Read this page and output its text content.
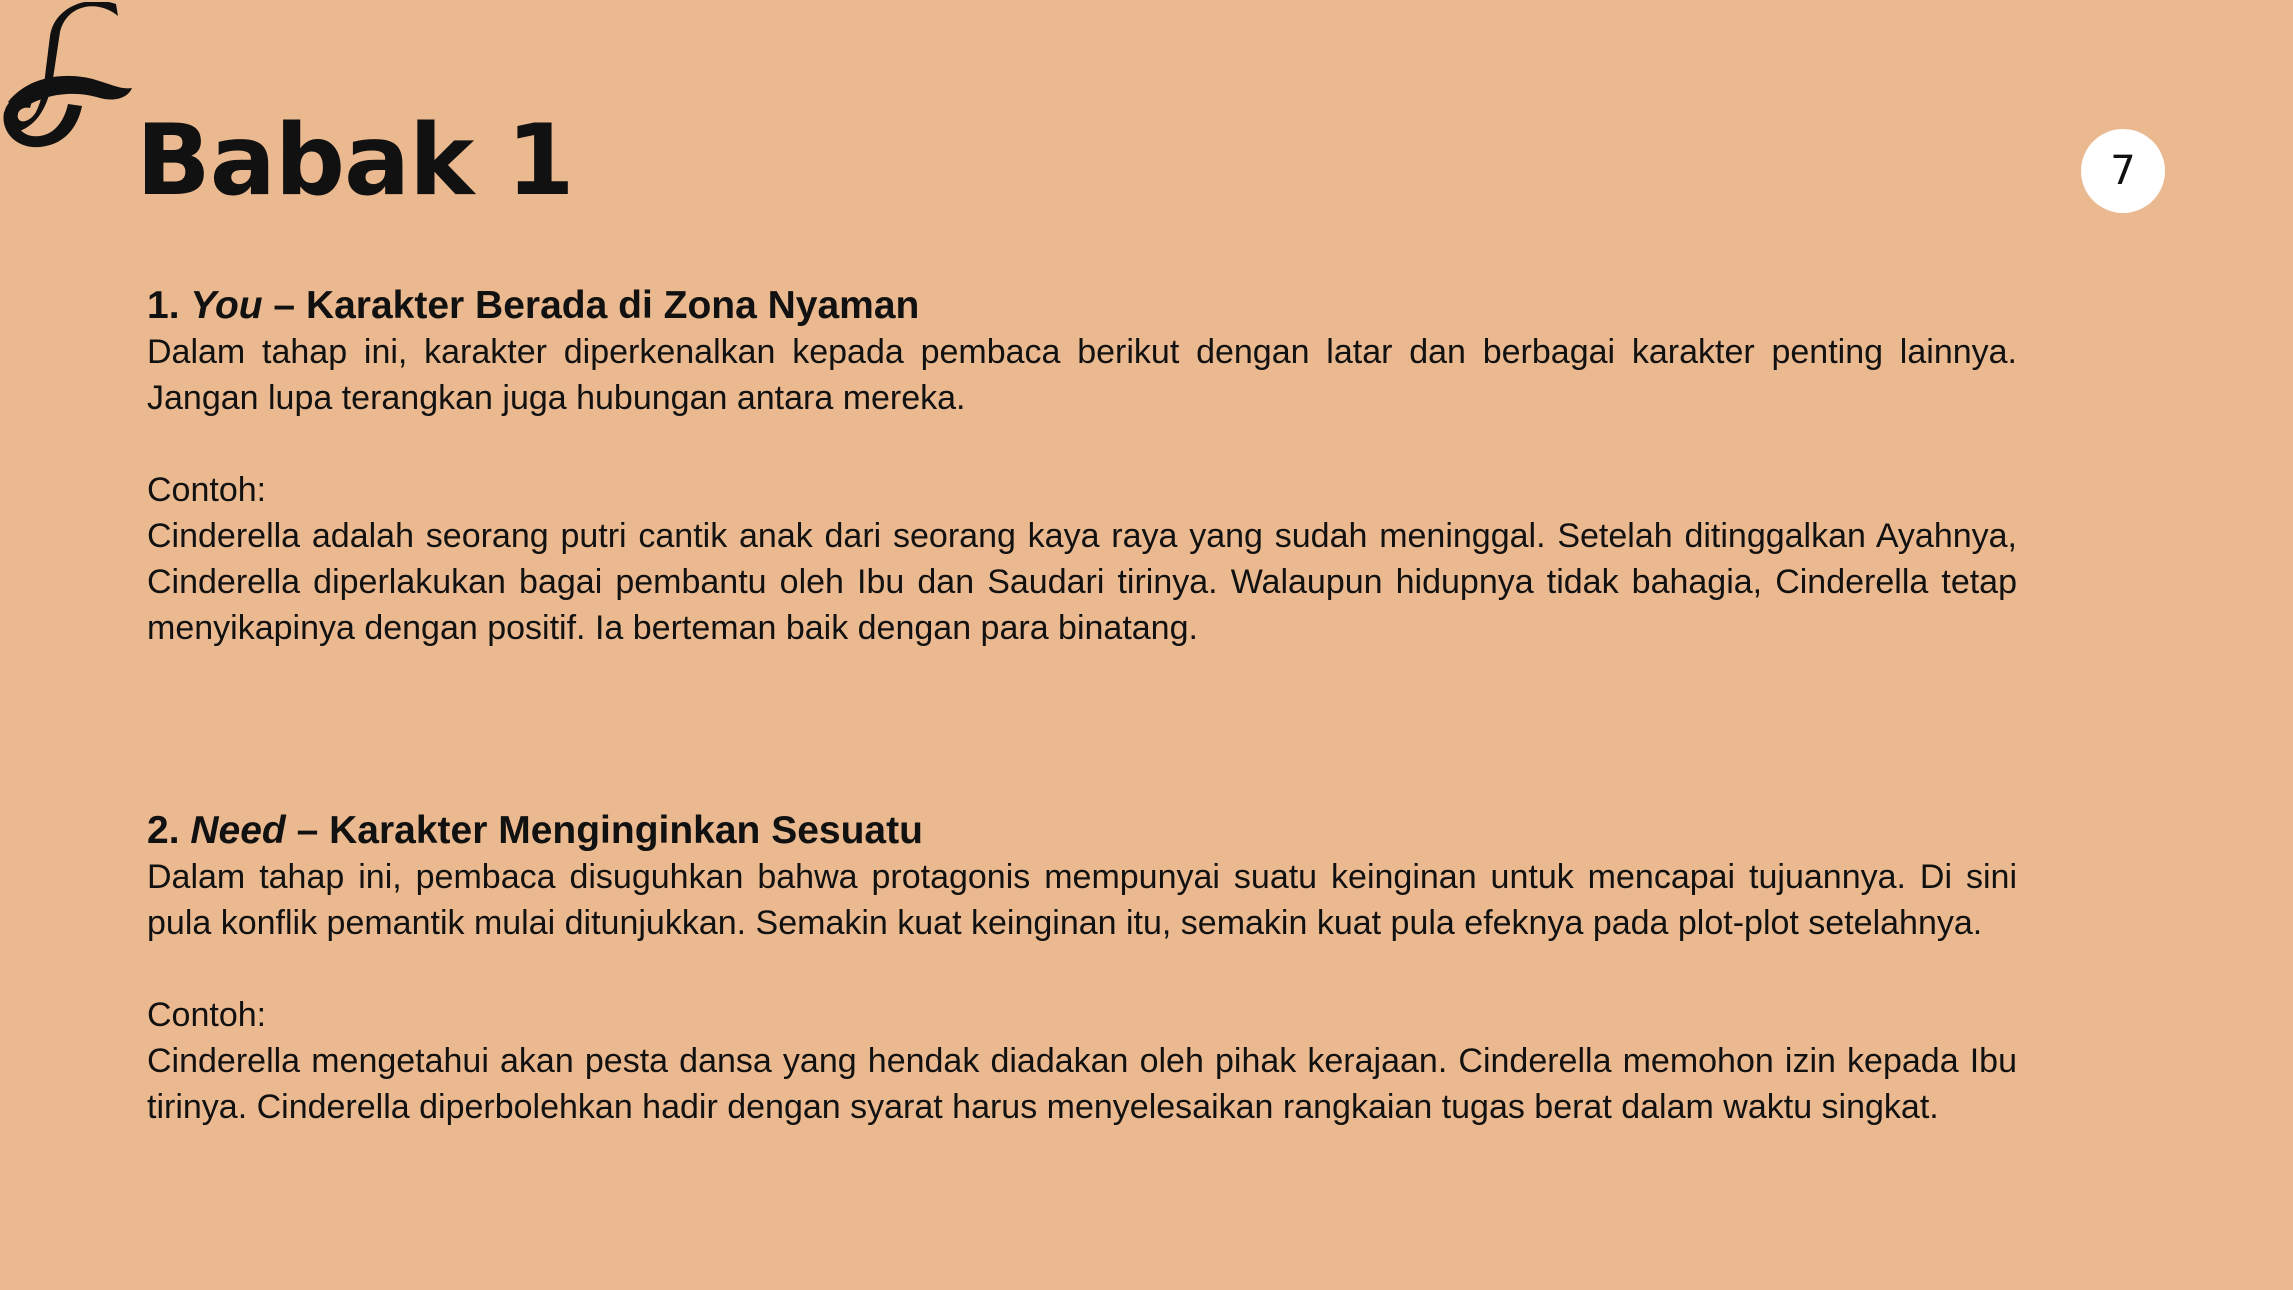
Babak 1	7

1. You – Karakter Berada di Zona Nyaman

Dalam tahap ini, karakter diperkenalkan kepada pembaca berikut dengan latar dan berbagai karakter penting lainnya. Jangan lupa terangkan juga hubungan antara mereka.

Contoh:

Cinderella adalah seorang putri cantik anak dari seorang kaya raya yang sudah meninggal. Setelah ditinggalkan Ayahnya, Cinderella diperlakukan bagai pembantu oleh Ibu dan Saudari tirinya. Walaupun hidupnya tidak bahagia, Cinderella tetap menyikapinya dengan positif. Ia berteman baik dengan para binatang.

2. Need – Karakter Menginginkan Sesuatu

Dalam tahap ini, pembaca disuguhkan bahwa protagonis mempunyai suatu keinginan untuk mencapai tujuannya. Di sini pula konflik pemantik mulai ditunjukkan. Semakin kuat keinginan itu, semakin kuat pula efeknya pada plot-plot setelahnya.

Contoh:

Cinderella mengetahui akan pesta dansa yang hendak diadakan oleh pihak kerajaan. Cinderella memohon izin kepada Ibu tirinya. Cinderella diperbolehkan hadir dengan syarat harus menyelesaikan rangkaian tugas berat dalam waktu singkat.
